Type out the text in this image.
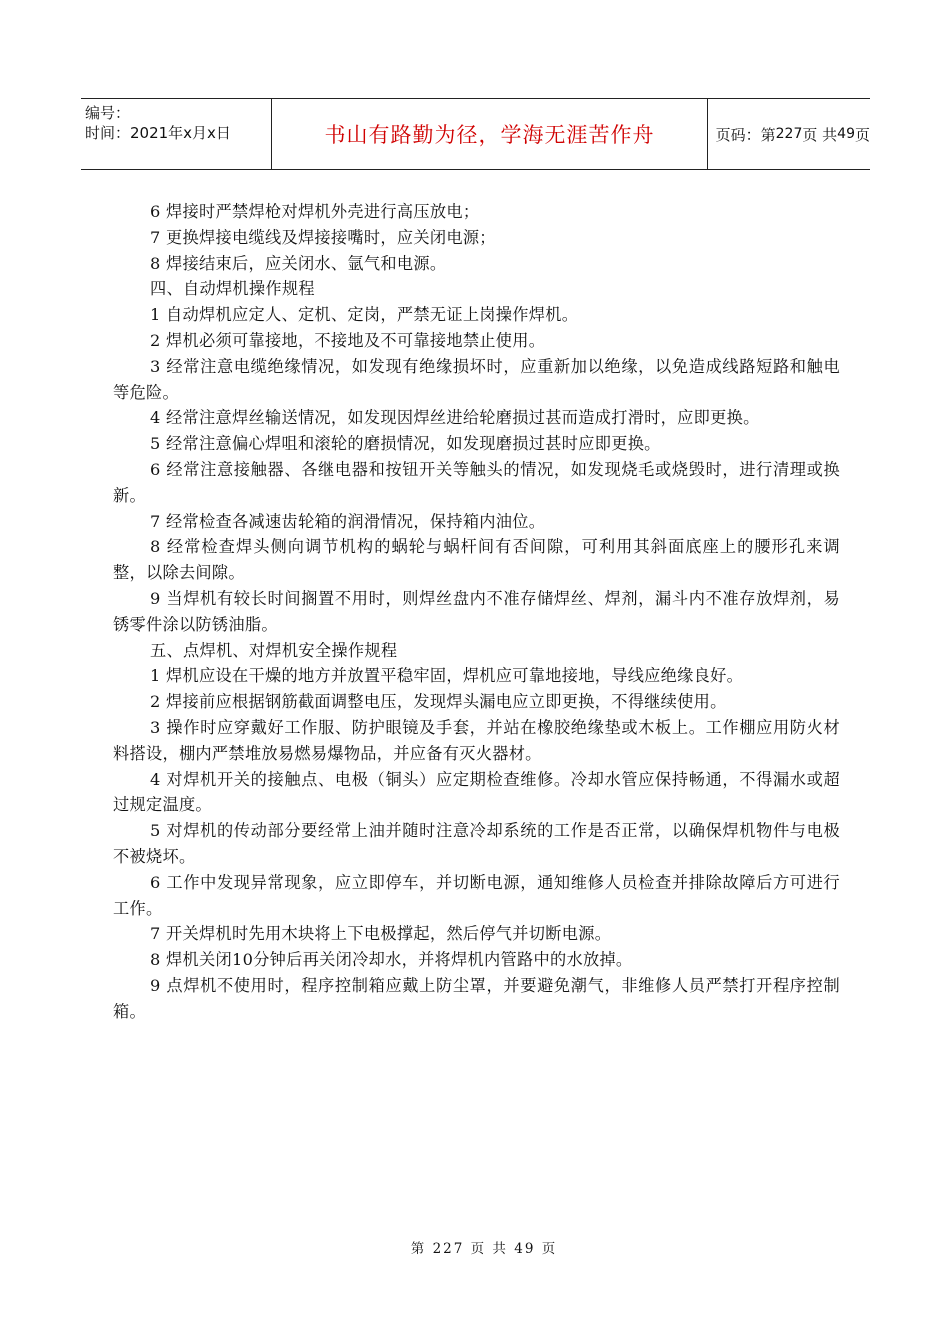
编号：
时间：2021年x月x日	书山有路勤为径，学海无涯苦作舟	页码：第 227 页 共 49 页

6 焊接时严禁焊枪对焊机外壳进行高压放电；

7 更换焊接电缆线及焊接接嘴时，应关闭电源；

8 焊接结束后，应关闭水、氩气和电源。

四、自动焊机操作规程

1 自动焊机应定人、定机、定岗，严禁无证上岗操作焊机。

2 焊机必须可靠接地，不接地及不可靠接地禁止使用。

3 经常注意电缆绝缘情况，如发现有绝缘损坏时，应重新加以绝缘，以免造成线路短路和触电等危险。

4 经常注意焊丝输送情况，如发现因焊丝进给轮磨损过甚而造成打滑时，应即更换。

5 经常注意偏心焊咀和滚轮的磨损情况，如发现磨损过甚时应即更换。

6 经常注意接触器、各继电器和按钮开关等触头的情况，如发现烧毛或烧毁时，进行清理或换新。

7 经常检查各减速齿轮箱的润滑情况，保持箱内油位。

8 经常检查焊头侧向调节机构的蜗轮与蜗杆间有否间隙，可利用其斜面底座上的腰形孔来调整，以除去间隙。

9 当焊机有较长时间搁置不用时，则焊丝盘内不准存储焊丝、焊剂，漏斗内不准存放焊剂，易锈零件涂以防锈油脂。

五、点焊机、对焊机安全操作规程

1 焊机应设在干燥的地方并放置平稳牢固，焊机应可靠地接地，导线应绝缘良好。

2 焊接前应根据钢筋截面调整电压，发现焊头漏电应立即更换，不得继续使用。

3 操作时应穿戴好工作服、防护眼镜及手套，并站在橡胶绝缘垫或木板上。工作棚应用防火材料搭设，棚内严禁堆放易燃易爆物品，并应备有灭火器材。

4 对焊机开关的接触点、电极（铜头）应定期检查维修。冷却水管应保持畅通，不得漏水或超过规定温度。

5 对焊机的传动部分要经常上油并随时注意冷却系统的工作是否正常，以确保焊机物件与电极不被烧坏。

6 工作中发现异常现象，应立即停车，并切断电源，通知维修人员检查并排除故障后方可进行工作。

7 开关焊机时先用木块将上下电极撑起，然后停气并切断电源。

8 焊机关闭10分钟后再关闭冷却水，并将焊机内管路中的水放掉。

9 点焊机不使用时，程序控制箱应戴上防尘罩，并要避免潮气，非维修人员严禁打开程序控制箱。

第 227 页 共 49 页
